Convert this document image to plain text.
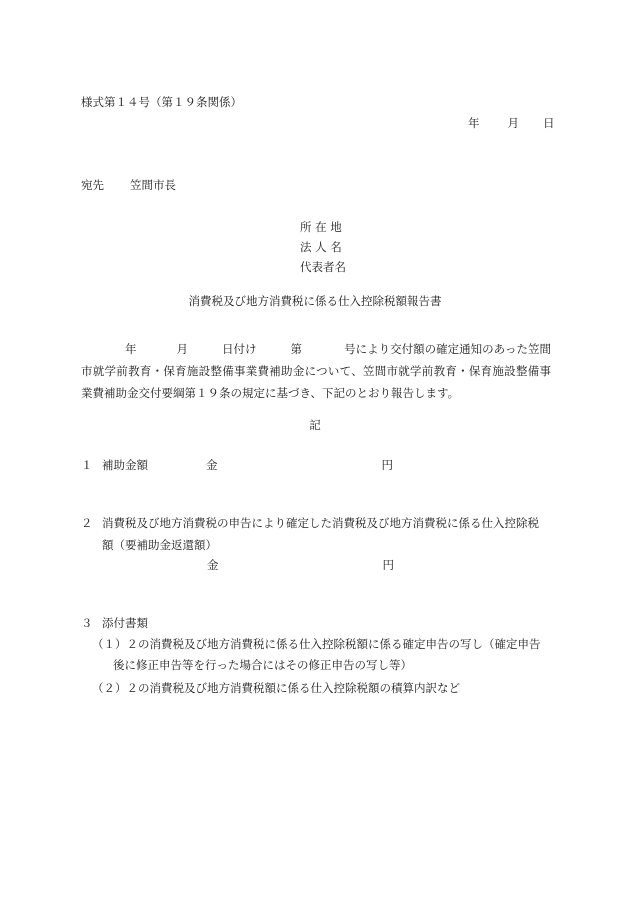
様式第１４号（第１９条関係）
年 月 日
宛先 笠間市長
所 在 地
法 人 名
代表者名
消費税及び地方消費税に係る仕入控除税額報告書
年	月	日付け	第	号により交付額の確定通知のあった笠間市就学前教育・保育施設整備事業費補助金について、笠間市就学前教育・保育施設整備事業費補助金交付要綱第１９条の規定に基づき、下記のとおり報告します。
記
１ 補助金額	金	円
２ 消費税及び地方消費税の申告により確定した消費税及び地方消費税に係る仕入控除税
額（要補助金返還額）
金	円
３ 添付書類
（１）２の消費税及び地方消費税に係る仕入控除税額に係る確定申告の写し（確定申告
後に修正申告等を行った場合にはその修正申告の写し等）
（２）２の消費税及び地方消費税額に係る仕入控除税額の積算内訳など
